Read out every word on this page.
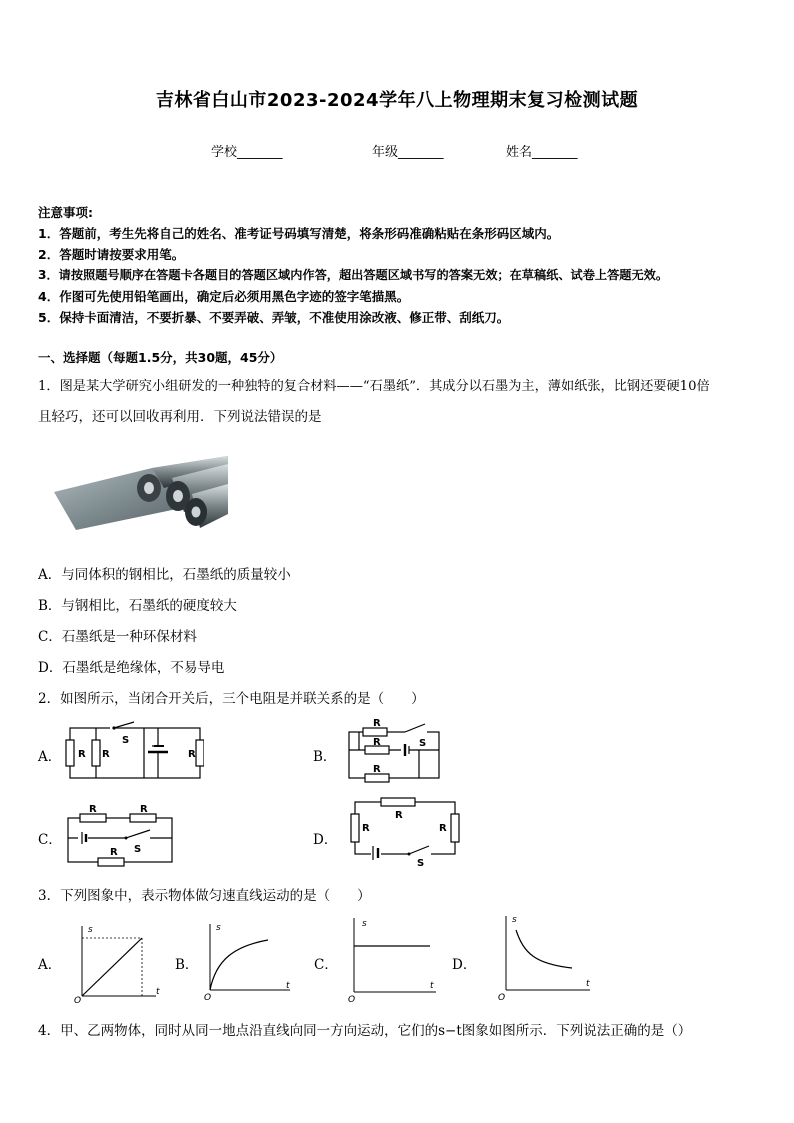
吉林省白山市2023-2024学年八上物理期末复习检测试题
学校_______	年级_______	姓名_______
注意事项:
1．答题前，考生先将自己的姓名、准考证号码填写清楚，将条形码准确粘贴在条形码区域内。
2．答题时请按要求用笔。
3．请按照题号顺序在答题卡各题目的答题区域内作答，超出答题区域书写的答案无效；在草稿纸、试卷上答题无效。
4．作图可先使用铅笔画出，确定后必须用黑色字迹的签字笔描黑。
5．保持卡面清洁，不要折暴、不要弄破、弄皱，不准使用涂改液、修正带、刮纸刀。
一、选择题（每题1.5分，共30题，45分）
1．图是某大学研究小组研发的一种独特的复合材料——“石墨纸”．其成分以石墨为主，薄如纸张，比钢还要硬10倍
且轻巧，还可以回收再利用．下列说法错误的是
A．与同体积的钢相比，石墨纸的质量较小
B．与钢相比，石墨纸的硬度较大
C．石墨纸是一种环保材料
D．石墨纸是绝缘体，不易导电
2．如图所示，当闭合开关后，三个电阻是并联关系的是（　　）
A． R R	R
S
B．
R
R
R
S
C．
R	R
R S
D．
R
R	R
S
3．下列图象中，表示物体做匀速直线运动的是（　　）
A．
s
t
O
B．
s
t
O
C．
s
t
O
D．
s
t
O
4．甲、乙两物体，同时从同一地点沿直线向同一方向运动，它们的s−t图象如图所示．下列说法正确的是（）
